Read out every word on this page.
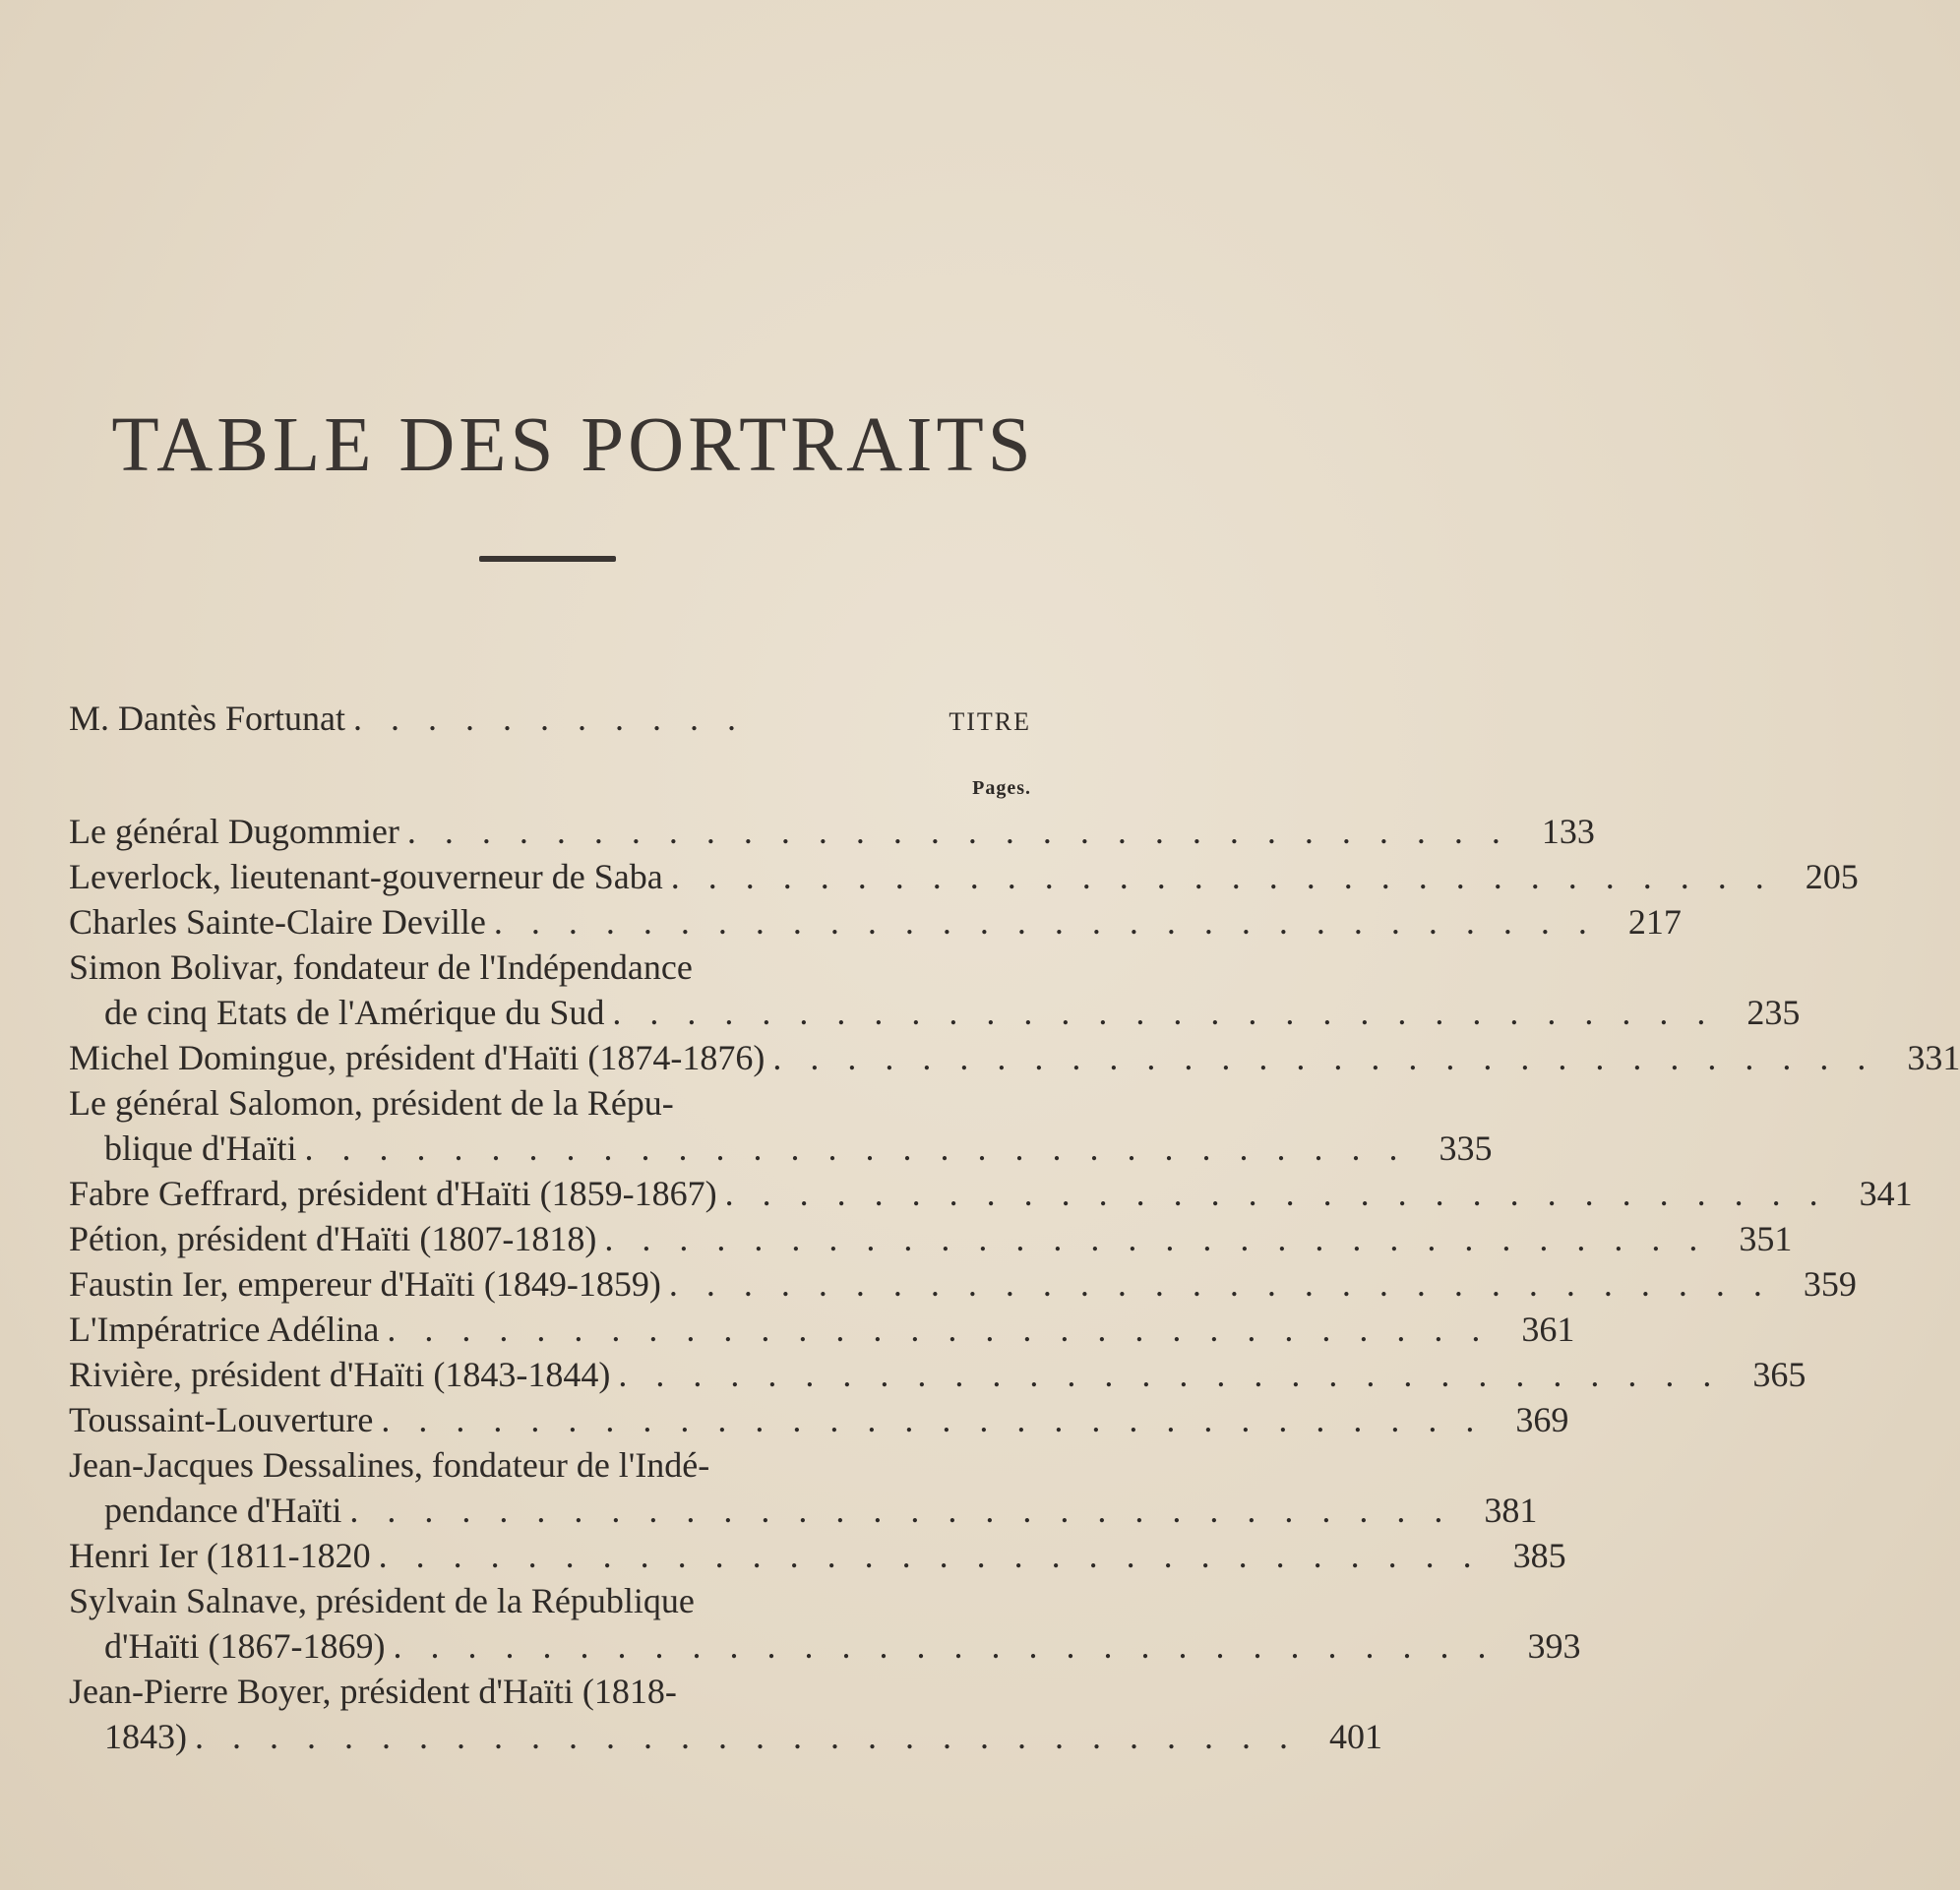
TABLE DES PORTRAITS
M. Dantès Fortunat . . . . . . . . . . .	TITRE
Pages.
Le général Dugommier . . . . . . . . . . . . . . . . . . . . . . . . . . . . . . 133
Leverlock, lieutenant-gouverneur de Saba . . . . . . . . . . . . . . . . . . . . . . . . . . . . . . 205
Charles Sainte-Claire Deville . . . . . . . . . . . . . . . . . . . . . . . . . . . . . . 217
Simon Bolivar, fondateur de l'Indépendance
de cinq Etats de l'Amérique du Sud . . . . . . . . . . . . . . . . . . . . . . . . . . . . . . 235
Michel Domingue, président d'Haïti (1874-1876) . . . . . . . . . . . . . . . . . . . . . . . . . . . . . . 331
Le général Salomon, président de la Répu-
blique d'Haïti . . . . . . . . . . . . . . . . . . . . . . . . . . . . . . 335
Fabre Geffrard, président d'Haïti (1859-1867) . . . . . . . . . . . . . . . . . . . . . . . . . . . . . . 341
Pétion, président d'Haïti (1807-1818) . . . . . . . . . . . . . . . . . . . . . . . . . . . . . . 351
Faustin Ier, empereur d'Haïti (1849-1859) . . . . . . . . . . . . . . . . . . . . . . . . . . . . . . 359
L'Impératrice Adélina . . . . . . . . . . . . . . . . . . . . . . . . . . . . . . 361
Rivière, président d'Haïti (1843-1844) . . . . . . . . . . . . . . . . . . . . . . . . . . . . . . 365
Toussaint-Louverture . . . . . . . . . . . . . . . . . . . . . . . . . . . . . . 369
Jean-Jacques Dessalines, fondateur de l'Indé-
pendance d'Haïti . . . . . . . . . . . . . . . . . . . . . . . . . . . . . . 381
Henri Ier (1811-1820 . . . . . . . . . . . . . . . . . . . . . . . . . . . . . . 385
Sylvain Salnave, président de la République
d'Haïti (1867-1869) . . . . . . . . . . . . . . . . . . . . . . . . . . . . . . 393
Jean-Pierre Boyer, président d'Haïti (1818-
1843) . . . . . . . . . . . . . . . . . . . . . . . . . . . . . . 401
